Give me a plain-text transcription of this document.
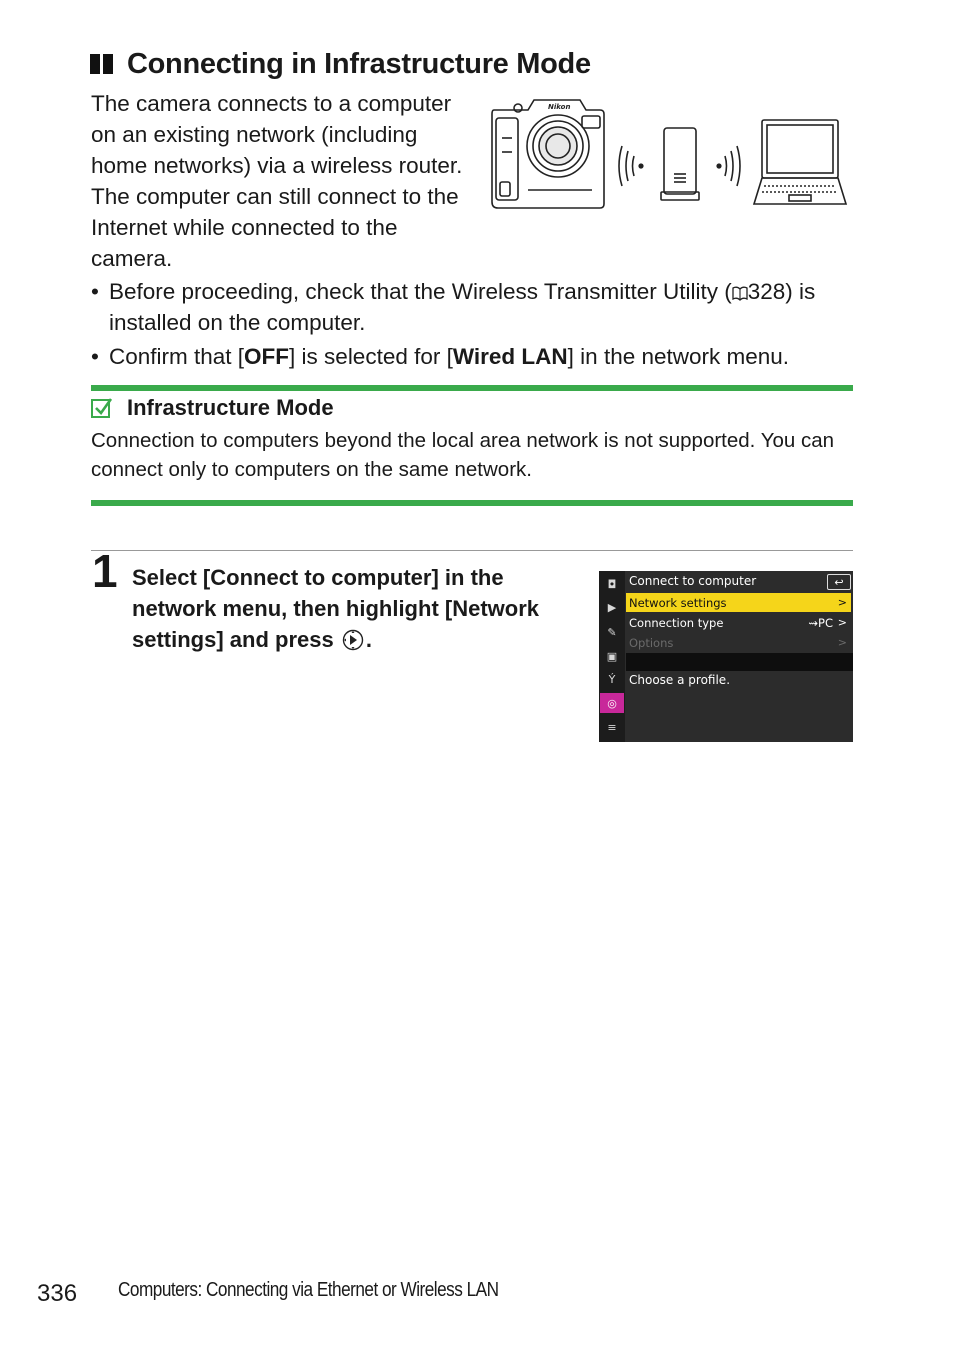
Connecting in Infrastructure Mode
The camera connects to a computer on an existing network (including home networks) via a wireless router. The computer can still connect to the Internet while connected to the camera.
Nikon
• Before proceeding, check that the Wireless Transmitter Utility ( 328) is installed on the computer.
• Confirm that [OFF] is selected for [Wired LAN] in the network menu.
Infrastructure Mode
Connection to computers beyond the local area network is not supported. You can connect only to computers on the same network.
1 Select [Connect to computer] in the network menu, then highlight [Network settings] and press .
◘
▶
✎
▣
Ý
◎
≡
Connect to computer	↩
Network settings	>
Connection type	⇝PC >
Options	>
Choose a profile.
336 Computers: Connecting via Ethernet or Wireless LAN
